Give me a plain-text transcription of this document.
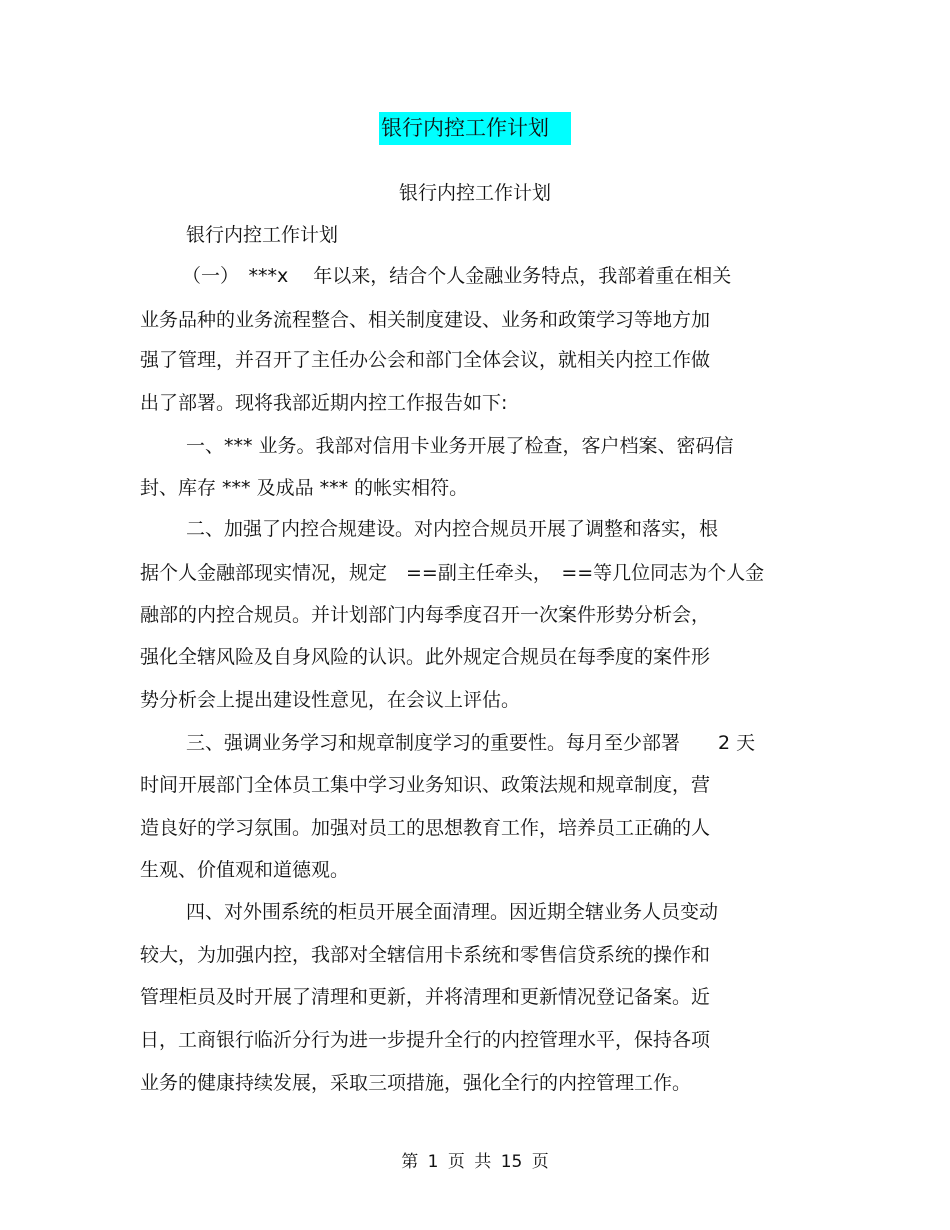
银行内控工作计划
银行内控工作计划
银行内控工作计划
（一）　***x　 年以来，结合个人金融业务特点，我部着重在相关
业务品种的业务流程整合、相关制度建设、业务和政策学习等地方加
强了管理，并召开了主任办公会和部门全体会议，就相关内控工作做
出了部署。现将我部近期内控工作报告如下:
一、*** 业务。我部对信用卡业务开展了检查，客户档案、密码信
封、库存 *** 及成品 *** 的帐实相符。
二、加强了内控合规建设。对内控合规员开展了调整和落实，根
据个人金融部现实情况，规定　==副主任牵头，　==等几位同志为个人金
融部的内控合规员。并计划部门内每季度召开一次案件形势分析会，
强化全辖风险及自身风险的认识。此外规定合规员在每季度的案件形
势分析会上提出建设性意见，在会议上评估。
三、强调业务学习和规章制度学习的重要性。每月至少部署　　2 天
时间开展部门全体员工集中学习业务知识、政策法规和规章制度，营
造良好的学习氛围。加强对员工的思想教育工作，培养员工正确的人
生观、价值观和道德观。
四、对外围系统的柜员开展全面清理。因近期全辖业务人员变动
较大，为加强内控，我部对全辖信用卡系统和零售信贷系统的操作和
管理柜员及时开展了清理和更新，并将清理和更新情况登记备案。近
日，工商银行临沂分行为进一步提升全行的内控管理水平，保持各项
业务的健康持续发展，采取三项措施，强化全行的内控管理工作。
第 1 页 共 15 页
